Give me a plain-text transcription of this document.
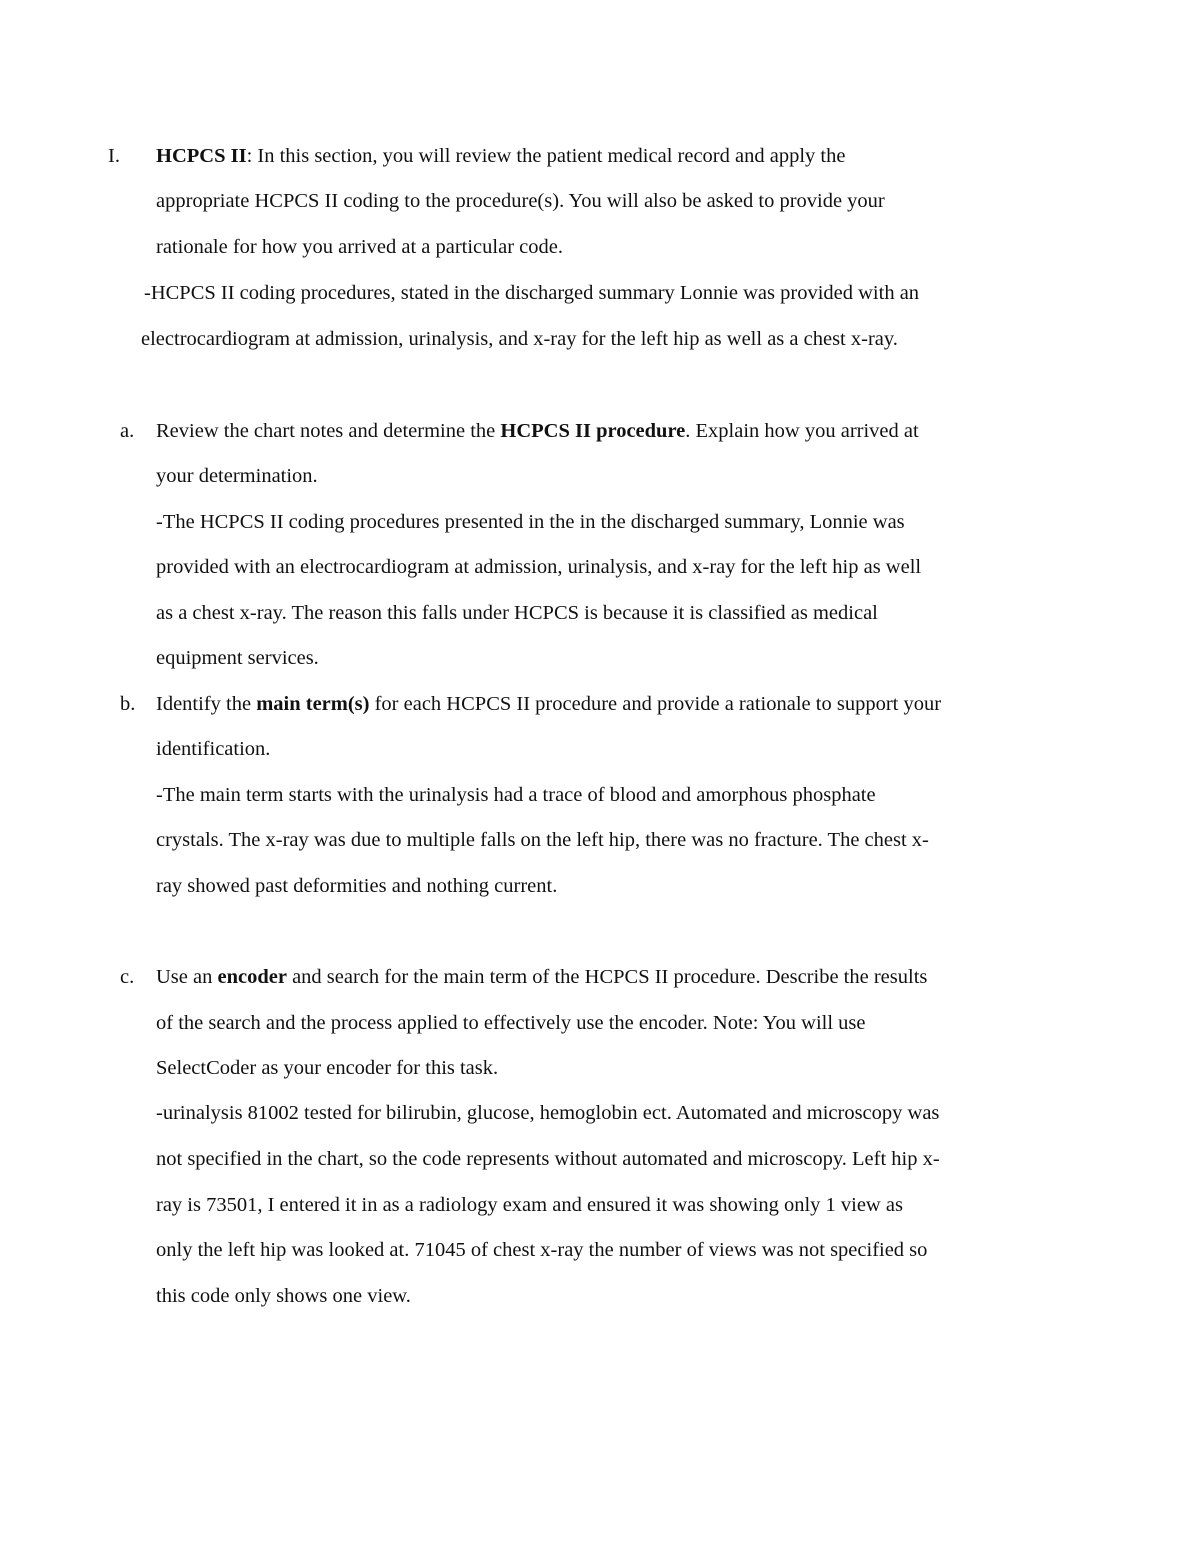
I. HCPCS II: In this section, you will review the patient medical record and apply the
appropriate HCPCS II coding to the procedure(s). You will also be asked to provide your
rationale for how you arrived at a particular code.
-HCPCS II coding procedures, stated in the discharged summary Lonnie was provided with an
electrocardiogram at admission, urinalysis, and x-ray for the left hip as well as a chest x-ray.
a. Review the chart notes and determine the HCPCS II procedure. Explain how you arrived at
your determination.
-The HCPCS II coding procedures presented in the in the discharged summary, Lonnie was
provided with an electrocardiogram at admission, urinalysis, and x-ray for the left hip as well
as a chest x-ray. The reason this falls under HCPCS is because it is classified as medical
equipment services.
b. Identify the main term(s) for each HCPCS II procedure and provide a rationale to support your
identification.
-The main term starts with the urinalysis had a trace of blood and amorphous phosphate
crystals. The x-ray was due to multiple falls on the left hip, there was no fracture. The chest x-
ray showed past deformities and nothing current.
c. Use an encoder and search for the main term of the HCPCS II procedure. Describe the results
of the search and the process applied to effectively use the encoder. Note: You will use
SelectCoder as your encoder for this task.
-urinalysis 81002 tested for bilirubin, glucose, hemoglobin ect. Automated and microscopy was
not specified in the chart, so the code represents without automated and microscopy. Left hip x-
ray is 73501, I entered it in as a radiology exam and ensured it was showing only 1 view as
only the left hip was looked at. 71045 of chest x-ray the number of views was not specified so
this code only shows one view.
